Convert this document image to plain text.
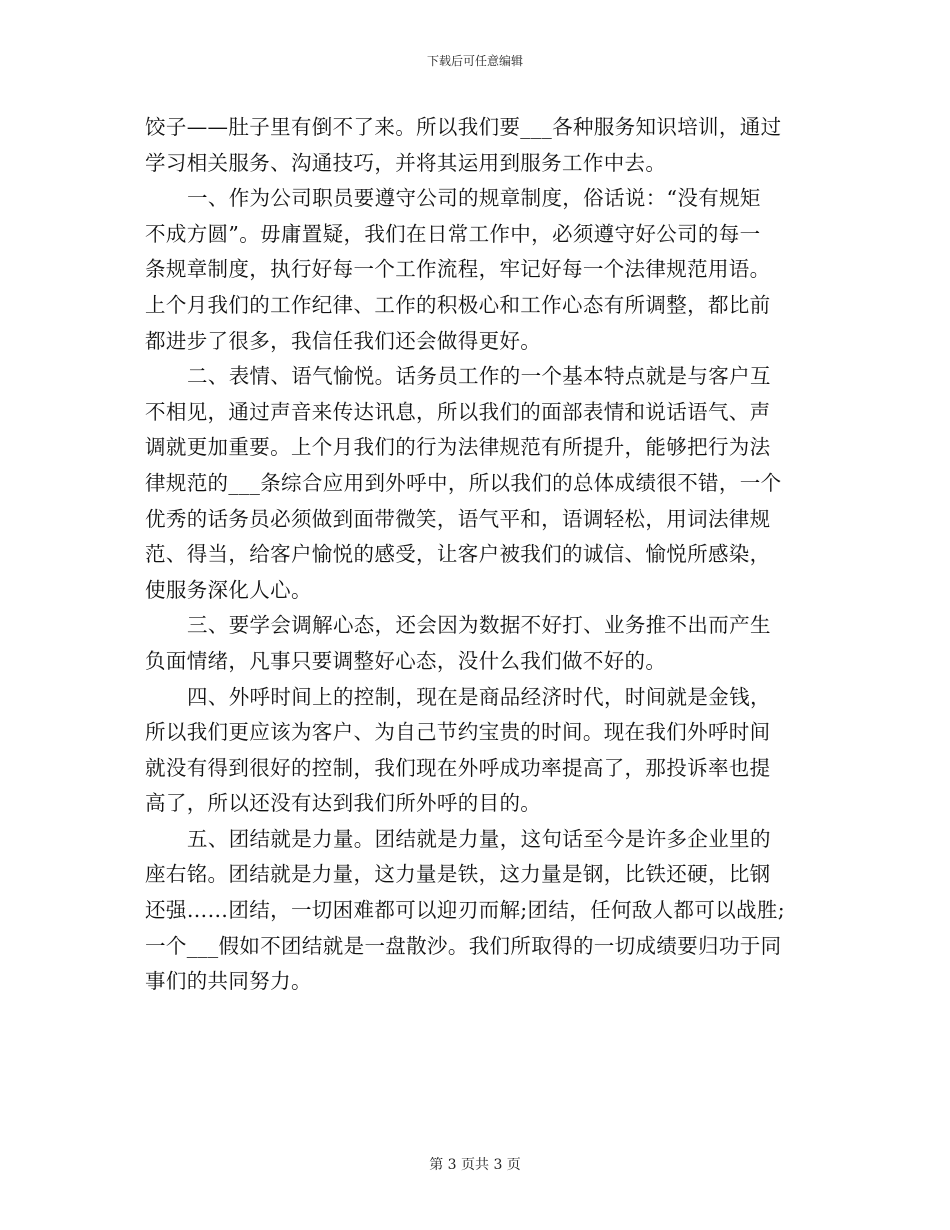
下载后可任意编辑
饺子——肚子里有倒不了来。所以我们要___各种服务知识培训，通过
学习相关服务、沟通技巧，并将其运用到服务工作中去。
一、作为公司职员要遵守公司的规章制度，俗话说：“没有规矩
不成方圆”。毋庸置疑，我们在日常工作中，必须遵守好公司的每一
条规章制度，执行好每一个工作流程，牢记好每一个法律规范用语。
上个月我们的工作纪律、工作的积极心和工作心态有所调整，都比前
都进步了很多，我信任我们还会做得更好。
二、表情、语气愉悦。话务员工作的一个基本特点就是与客户互
不相见，通过声音来传达讯息，所以我们的面部表情和说话语气、声
调就更加重要。上个月我们的行为法律规范有所提升，能够把行为法
律规范的___条综合应用到外呼中，所以我们的总体成绩很不错，一个
优秀的话务员必须做到面带微笑，语气平和，语调轻松，用词法律规
范、得当，给客户愉悦的感受，让客户被我们的诚信、愉悦所感染，
使服务深化人心。
三、要学会调解心态，还会因为数据不好打、业务推不出而产生
负面情绪，凡事只要调整好心态，没什么我们做不好的。
四、外呼时间上的控制，现在是商品经济时代，时间就是金钱，
所以我们更应该为客户、为自己节约宝贵的时间。现在我们外呼时间
就没有得到很好的控制，我们现在外呼成功率提高了，那投诉率也提
高了，所以还没有达到我们所外呼的目的。
五、团结就是力量。团结就是力量，这句话至今是许多企业里的
座右铭。团结就是力量，这力量是铁，这力量是钢，比铁还硬，比钢
还强……团结，一切困难都可以迎刃而解;团结，任何敌人都可以战胜;
一个___假如不团结就是一盘散沙。我们所取得的一切成绩要归功于同
事们的共同努力。
第 3 页共 3 页
